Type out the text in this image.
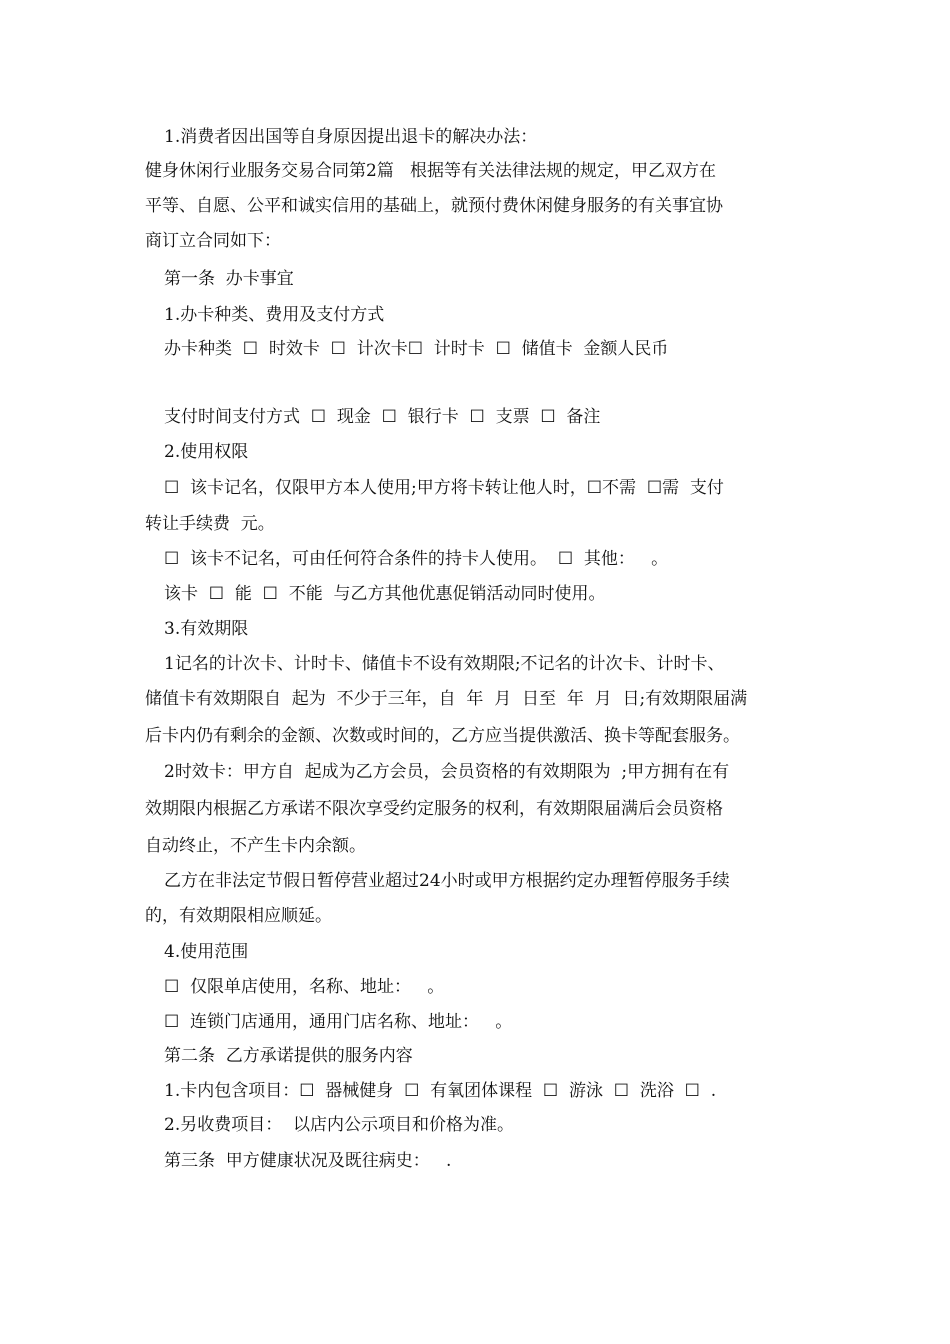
1.消费者因出国等自身原因提出退卡的解决办法：
健身休闲行业服务交易合同第2篇   根据等有关法律法规的规定，甲乙双方在
平等、自愿、公平和诚实信用的基础上，就预付费休闲健身服务的有关事宜协
商订立合同如下：
第一条  办卡事宜
1.办卡种类、费用及支付方式
办卡种类  ☐  时效卡  ☐  计次卡☐  计时卡  ☐  储值卡  金额人民币
支付时间支付方式  ☐  现金  ☐  银行卡  ☐  支票  ☐  备注
2.使用权限
☐  该卡记名，仅限甲方本人使用;甲方将卡转让他人时，☐不需  ☐需  支付
转让手续费  元。
☐  该卡不记名，可由任何符合条件的持卡人使用。  ☐  其他：   。
该卡  ☐  能  ☐  不能  与乙方其他优惠促销活动同时使用。
3.有效期限
1记名的计次卡、计时卡、储值卡不设有效期限;不记名的计次卡、计时卡、
储值卡有效期限自  起为  不少于三年，自  年  月  日至  年  月  日;有效期限届满
后卡内仍有剩余的金额、次数或时间的，乙方应当提供激活、换卡等配套服务。
2时效卡：甲方自  起成为乙方会员，会员资格的有效期限为  ;甲方拥有在有
效期限内根据乙方承诺不限次享受约定服务的权利，有效期限届满后会员资格
自动终止，不产生卡内余额。
乙方在非法定节假日暂停营业超过24小时或甲方根据约定办理暂停服务手续
的，有效期限相应顺延。
4.使用范围
☐  仅限单店使用，名称、地址：   。
☐  连锁门店通用，通用门店名称、地址：   。
第二条  乙方承诺提供的服务内容
1.卡内包含项目：☐  器械健身  ☐  有氧团体课程  ☐  游泳  ☐  洗浴  ☐  .
2.另收费项目：  以店内公示项目和价格为准。
第三条  甲方健康状况及既往病史：   .
